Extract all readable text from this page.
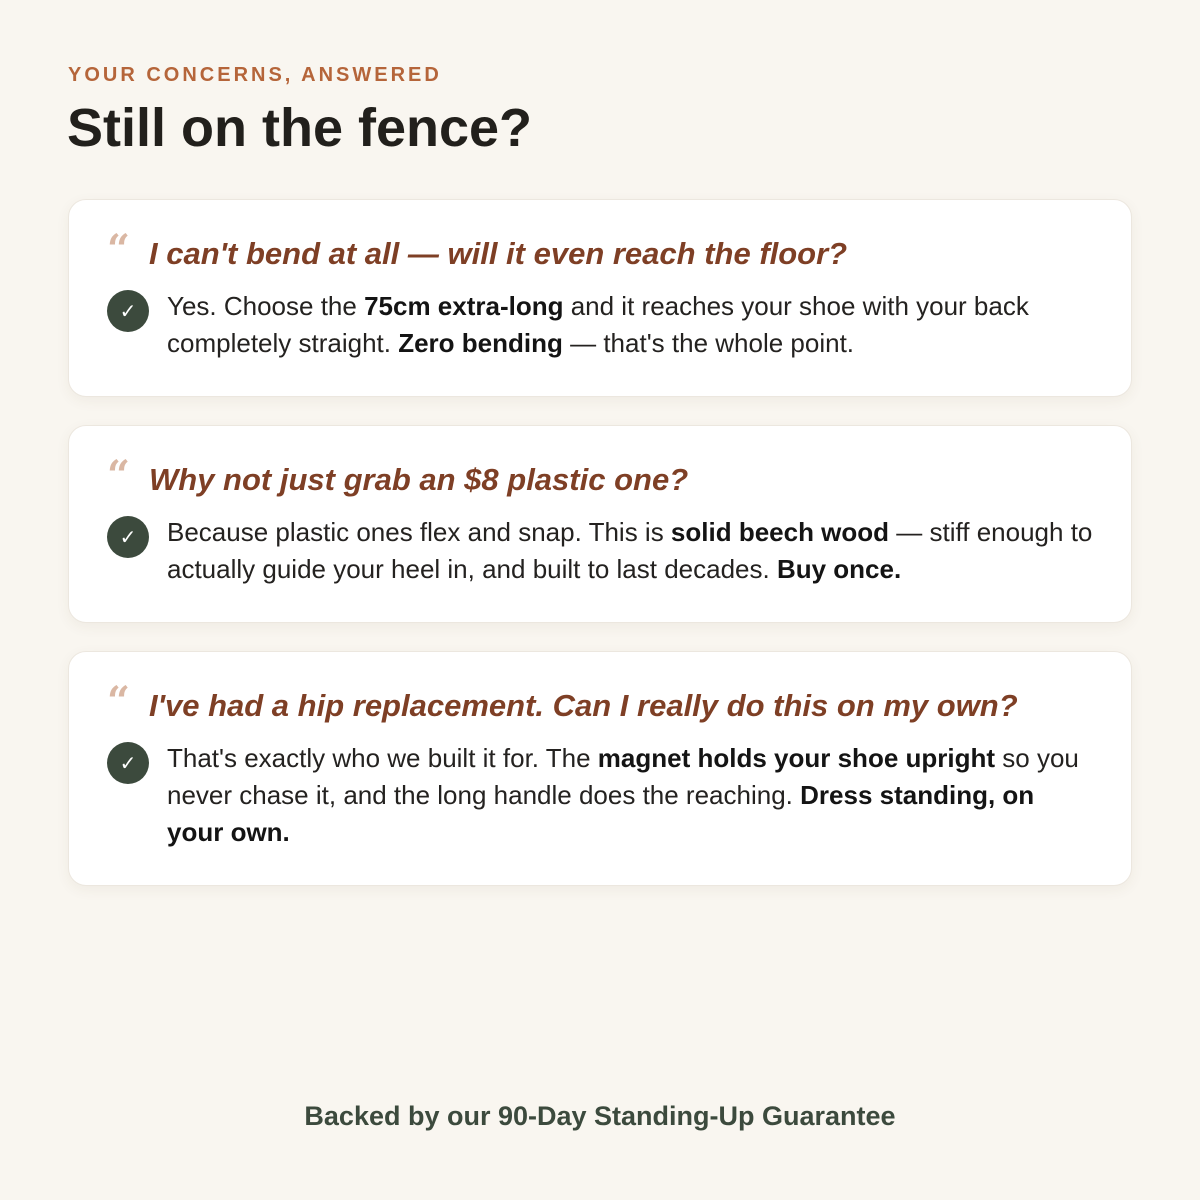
YOUR CONCERNS, ANSWERED
Still on the fence?
“ I can't bend at all — will it even reach the floor?
✓	Yes. Choose the 75cm extra-long and it reaches your shoe with your back completely straight. Zero bending — that's the whole point.
“ Why not just grab an $8 plastic one?
✓	Because plastic ones flex and snap. This is solid beech wood — stiff enough to actually guide your heel in, and built to last decades. Buy once.
“ I've had a hip replacement. Can I really do this on my own?
✓	That's exactly who we built it for. The magnet holds your shoe upright so you never chase it, and the long handle does the reaching. Dress standing, on your own.
Backed by our 90-Day Standing-Up Guarantee
